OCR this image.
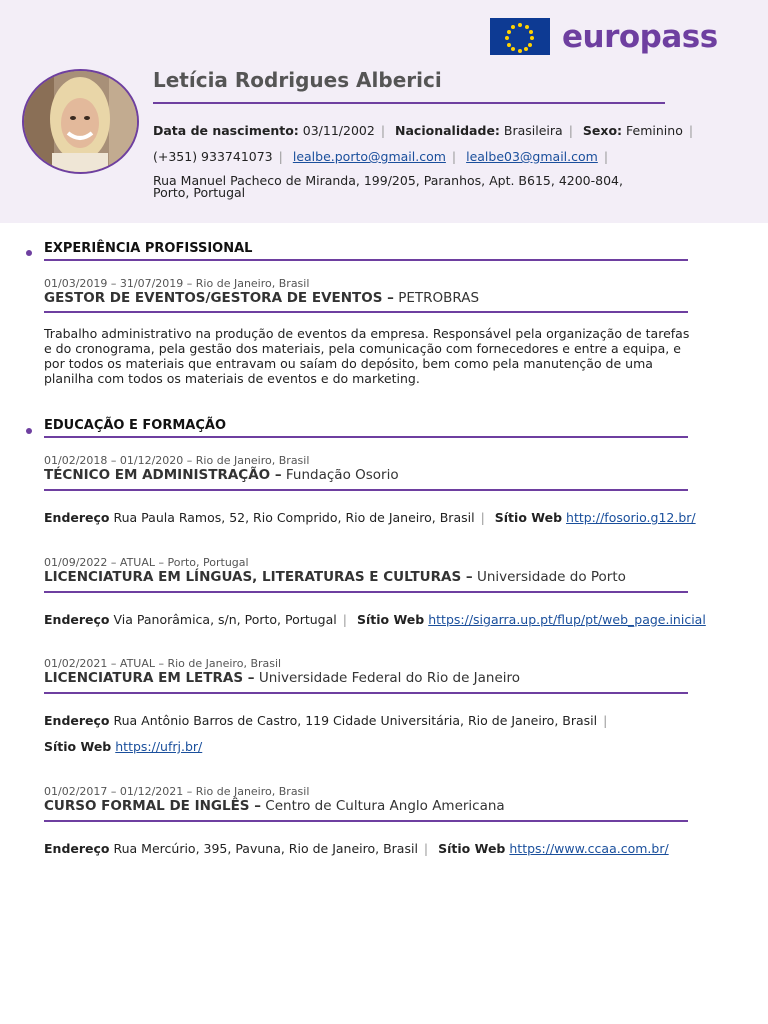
europass
Letícia Rodrigues Alberici
Data de nascimento: 03/11/2002 | Nacionalidade: Brasileira | Sexo: Feminino |
(+351) 933741073 | lealbe.porto@gmail.com | lealbe03@gmail.com |
Rua Manuel Pacheco de Miranda, 199/205, Paranhos, Apt. B615, 4200-804, Porto, Portugal
EXPERIÊNCIA PROFISSIONAL
01/03/2019 – 31/07/2019 – Rio de Janeiro, Brasil
GESTOR DE EVENTOS/GESTORA DE EVENTOS – PETROBRAS
Trabalho administrativo na produção de eventos da empresa. Responsável pela organização de tarefas e do cronograma, pela gestão dos materiais, pela comunicação com fornecedores e entre a equipa, e por todos os materiais que entravam ou saíam do depósito, bem como pela manutenção de uma planilha com todos os materiais de eventos e do marketing.
EDUCAÇÃO E FORMAÇÃO
01/02/2018 – 01/12/2020 – Rio de Janeiro, Brasil
TÉCNICO EM ADMINISTRAÇÃO – Fundação Osorio
Endereço Rua Paula Ramos, 52, Rio Comprido, Rio de Janeiro, Brasil | Sítio Web http://fosorio.g12.br/
01/09/2022 – ATUAL – Porto, Portugal
LICENCIATURA EM LÍNGUAS, LITERATURAS E CULTURAS – Universidade do Porto
Endereço Via Panorâmica, s/n, Porto, Portugal | Sítio Web https://sigarra.up.pt/flup/pt/web_page.inicial
01/02/2021 – ATUAL – Rio de Janeiro, Brasil
LICENCIATURA EM LETRAS – Universidade Federal do Rio de Janeiro
Endereço Rua Antônio Barros de Castro, 119 Cidade Universitária, Rio de Janeiro, Brasil |
Sítio Web https://ufrj.br/
01/02/2017 – 01/12/2021 – Rio de Janeiro, Brasil
CURSO FORMAL DE INGLÊS – Centro de Cultura Anglo Americana
Endereço Rua Mercúrio, 395, Pavuna, Rio de Janeiro, Brasil | Sítio Web https://www.ccaa.com.br/
